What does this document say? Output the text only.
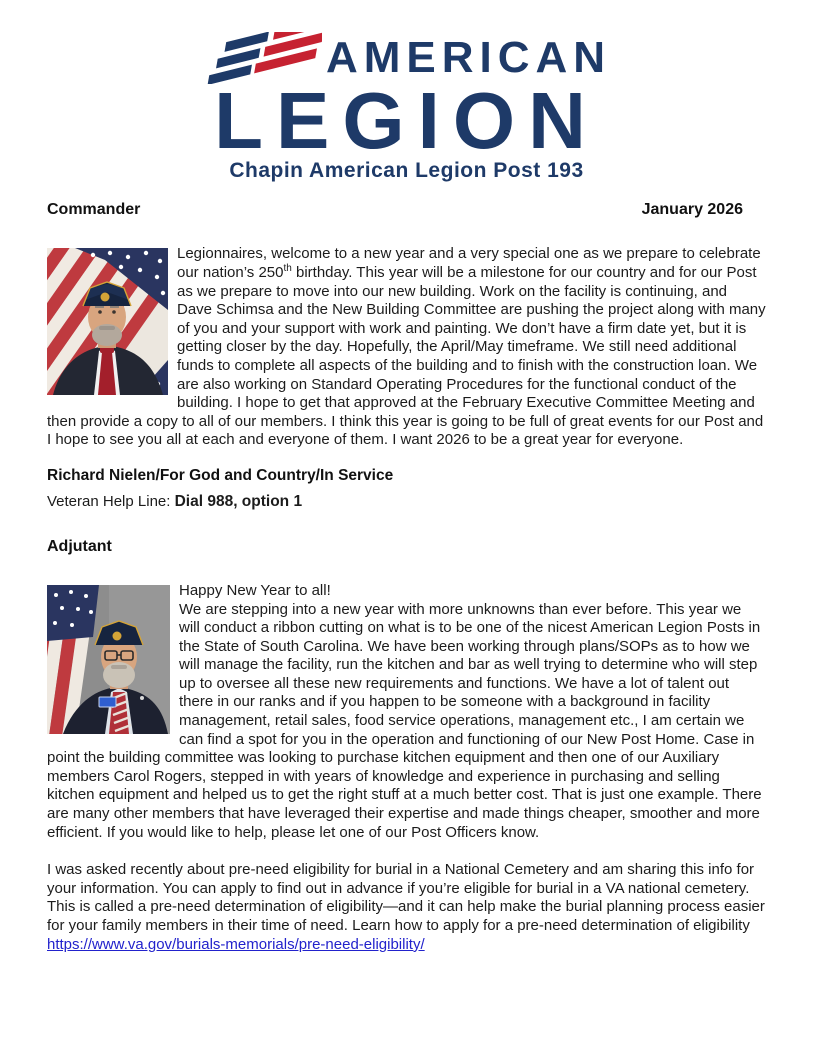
AMERICAN
LEGION
Chapin American Legion Post 193
Commander	January 2026
Legionnaires, welcome to a new year and a very special one as we prepare to celebrate our nation’s 250th birthday. This year will be a milestone for our country and for our Post as we prepare to move into our new building. Work on the facility is continuing, and Dave Schimsa and the New Building Committee are pushing the project along with many of you and your support with work and painting. We don’t have a firm date yet, but it is getting closer by the day. Hopefully, the April/May timeframe. We still need additional funds to complete all aspects of the building and to finish with the construction loan. We are also working on Standard Operating Procedures for the functional conduct of the building. I hope to get that approved at the February Executive Committee Meeting and then provide a copy to all of our members. I think this year is going to be full of great events for our Post and I hope to see you all at each and everyone of them. I want 2026 to be a great year for everyone.

Richard Nielen/For God and Country/In Service

Veteran Help Line: Dial 988, option 1

Adjutant
Happy New Year to all!
We are stepping into a new year with more unknowns than ever before. This year we will conduct a ribbon cutting on what is to be one of the nicest American Legion Posts in the State of South Carolina. We have been working through plans/SOPs as to how we will manage the facility, run the kitchen and bar as well trying to determine who will step up to oversee all these new requirements and functions. We have a lot of talent out there in our ranks and if you happen to be someone with a background in facility management, retail sales, food service operations, management etc., I am certain we can find a spot for you in the operation and functioning of our New Post Home. Case in point the building committee was looking to purchase kitchen equipment and then one of our Auxiliary members Carol Rogers, stepped in with years of knowledge and experience in purchasing and selling kitchen equipment and helped us to get the right stuff at a much better cost. That is just one example. There are many other members that have leveraged their expertise and made things cheaper, smoother and more efficient. If you would like to help, please let one of our Post Officers know.

I was asked recently about pre-need eligibility for burial in a National Cemetery and am sharing this info for your information. You can apply to find out in advance if you’re eligible for burial in a VA national cemetery. This is called a pre-need determination of eligibility—and it can help make the burial planning process easier for your family members in their time of need. Learn how to apply for a pre-need determination of eligibility https://www.va.gov/burials-memorials/pre-need-eligibility/
